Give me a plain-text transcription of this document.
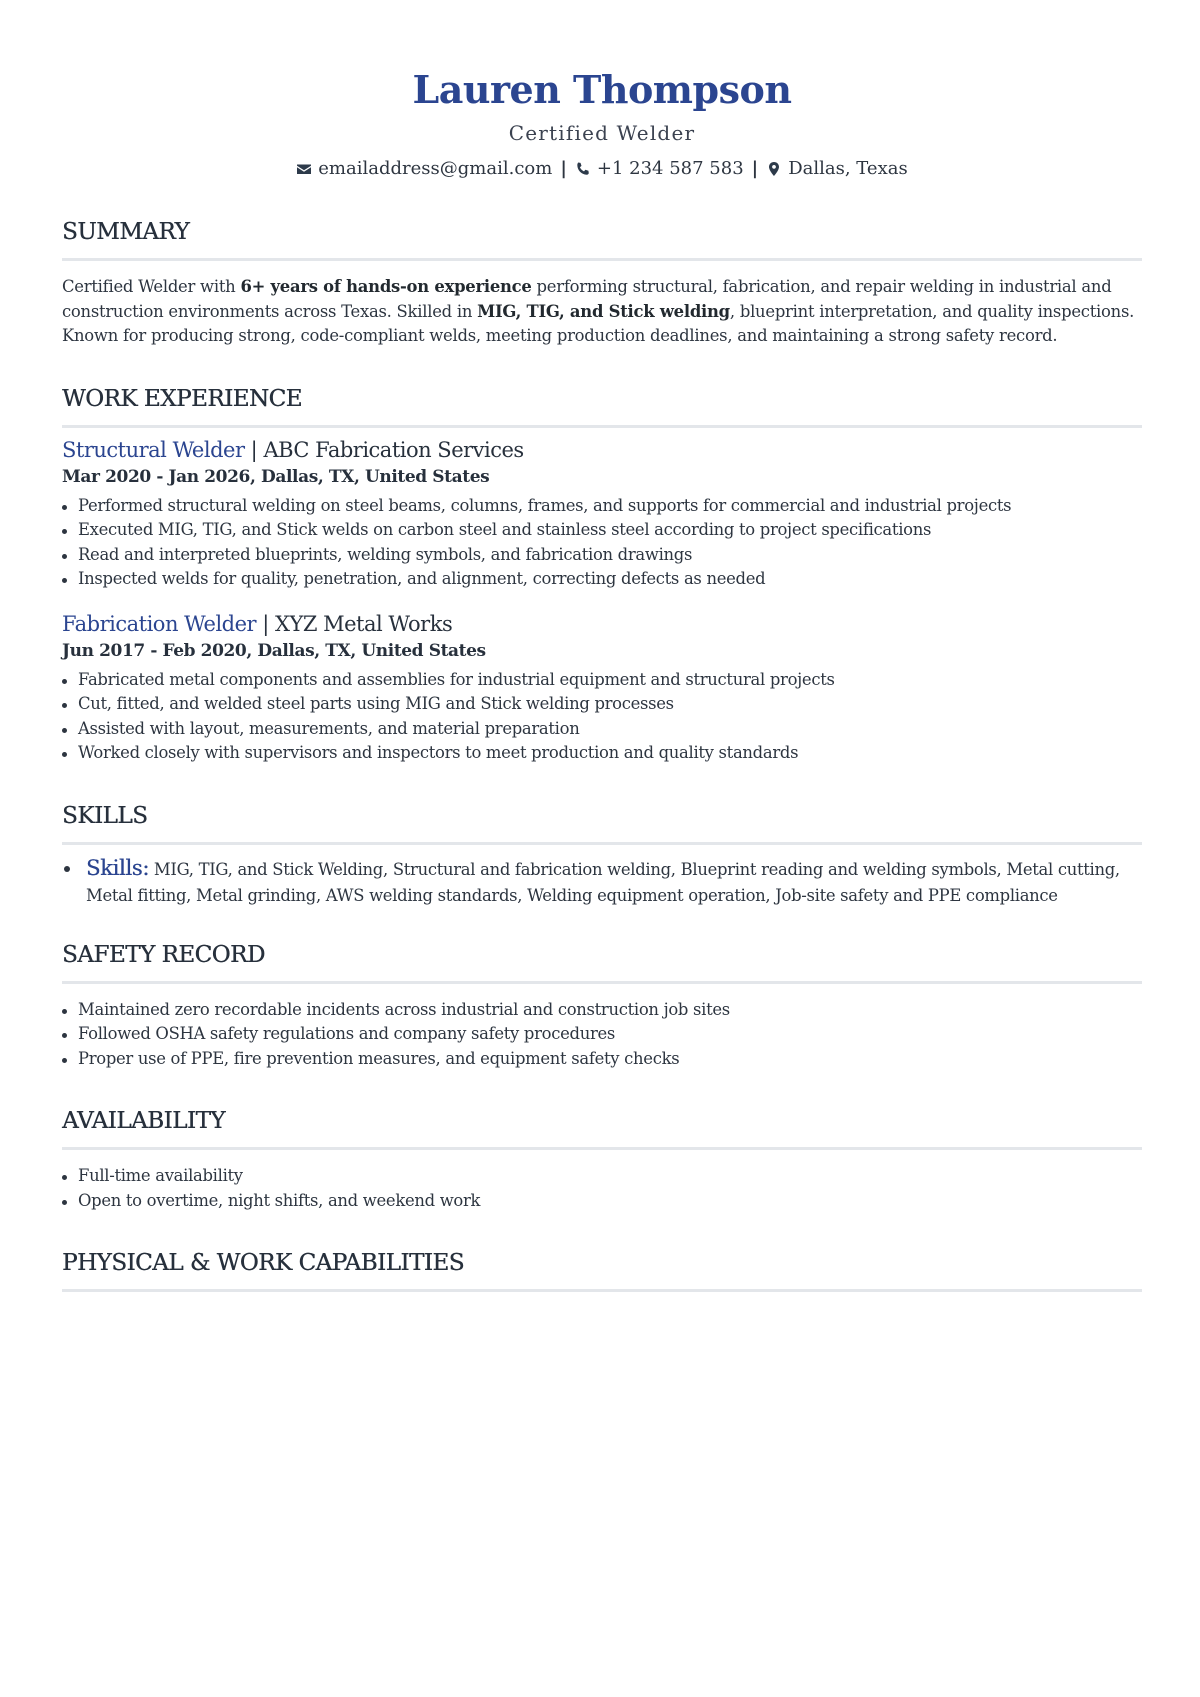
Lauren Thompson
Certified Welder
emailaddress@gmail.com | +1 234 587 583 | Dallas, Texas
SUMMARY

Certified Welder with 6+ years of hands-on experience performing structural, fabrication, and repair welding in industrial and construction environments across Texas. Skilled in MIG, TIG, and Stick welding, blueprint interpretation, and quality inspections. Known for producing strong, code-compliant welds, meeting production deadlines, and maintaining a strong safety record.

WORK EXPERIENCE
Structural Welder | ABC Fabrication Services
Mar 2020 - Jan 2026, Dallas, TX, United States
Performed structural welding on steel beams, columns, frames, and supports for commercial and industrial projects
Executed MIG, TIG, and Stick welds on carbon steel and stainless steel according to project specifications
Read and interpreted blueprints, welding symbols, and fabrication drawings
Inspected welds for quality, penetration, and alignment, correcting defects as needed
Fabrication Welder | XYZ Metal Works
Jun 2017 - Feb 2020, Dallas, TX, United States
Fabricated metal components and assemblies for industrial equipment and structural projects
Cut, fitted, and welded steel parts using MIG and Stick welding processes
Assisted with layout, measurements, and material preparation
Worked closely with supervisors and inspectors to meet production and quality standards
SKILLS
Skills: MIG, TIG, and Stick Welding, Structural and fabrication welding, Blueprint reading and welding symbols, Metal cutting, Metal fitting, Metal grinding, AWS welding standards, Welding equipment operation, Job-site safety and PPE compliance
SAFETY RECORD
Maintained zero recordable incidents across industrial and construction job sites
Followed OSHA safety regulations and company safety procedures
Proper use of PPE, fire prevention measures, and equipment safety checks
AVAILABILITY
Full-time availability
Open to overtime, night shifts, and weekend work
PHYSICAL & WORK CAPABILITIES
